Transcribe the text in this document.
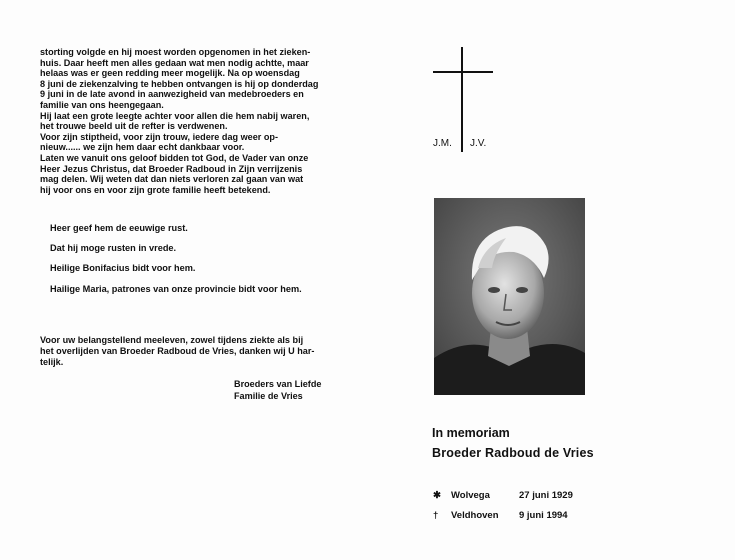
storting volgde en hij moest worden opgenomen in het zieken-
huis. Daar heeft men alles gedaan wat men nodig achtte, maar
helaas was er geen redding meer mogelijk. Na op woensdag
8 juni de ziekenzalving te hebben ontvangen is hij op donderdag
9 juni in de late avond in aanwezigheid van medebroeders en
familie van ons heengegaan.
Hij laat een grote leegte achter voor allen die hem nabij waren,
het trouwe beeld uit de refter is verdwenen.
Voor zijn stiptheid, voor zijn trouw, iedere dag weer op-
nieuw...... we zijn hem daar echt dankbaar voor.
Laten we vanuit ons geloof bidden tot God, de Vader van onze
Heer Jezus Christus, dat Broeder Radboud in Zijn verrijzenis
mag delen. Wij weten dat dan niets verloren zal gaan van wat
hij voor ons en voor zijn grote familie heeft betekend.

Heer geef hem de eeuwige rust.
Dat hij moge rusten in vrede.
Heilige Bonifacius bidt voor hem.
Hailige Maria, patrones van onze provincie bidt voor hem.
Voor uw belangstellend meeleven, zowel tijdens ziekte als bij
het overlijden van Broeder Radboud de Vries, danken wij U har-
telijk.
Broeders van Liefde
Familie de Vries
J.M. J.V.
In memoriam
Broeder Radboud de Vries
✱ Wolvega	27 juni 1929
† Veldhoven 9 juni 1994
